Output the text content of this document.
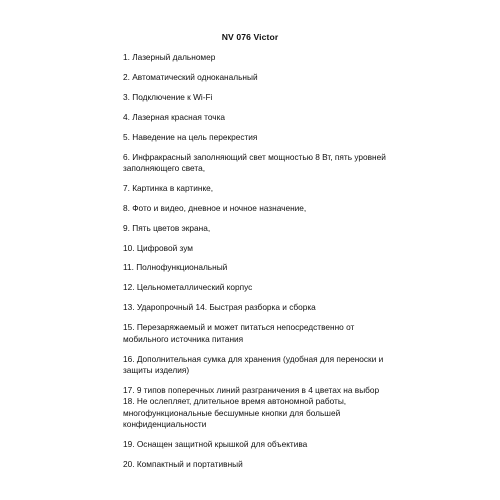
NV 076 Victor
1. Лазерный дальномер
2. Автоматический одноканальный
3. Подключение к Wi-Fi
4. Лазерная красная точка
5. Наведение на цель перекрестия
6. Инфракрасный заполняющий свет мощностью 8 Вт, пять уровней
заполняющего света,
7. Картинка в картинке,
8. Фото и видео, дневное и ночное назначение,
9. Пять цветов экрана,
10. Цифровой зум
11. Полнофункциональный
12. Цельнометаллический корпус
13. Ударопрочный 14. Быстрая разборка и сборка
15. Перезаряжаемый и может питаться непосредственно от
мобильного источника питания
16. Дополнительная сумка для хранения (удобная для переноски и
защиты изделия)
17. 9 типов поперечных линий разграничения в 4 цветах на выбор
18. Не ослепляет, длительное время автономной работы,
многофункциональные бесшумные кнопки для большей
конфиденциальности
19. Оснащен защитной крышкой для объектива
20. Компактный и портативный
